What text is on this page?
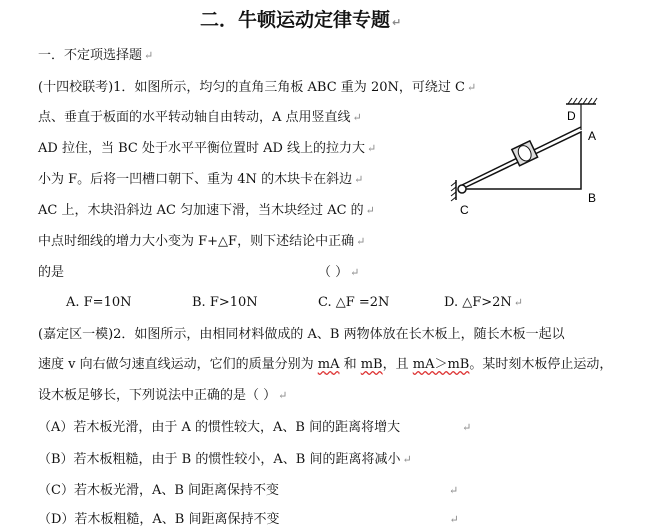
二．牛顿运动定律专题 ↵
一．不定项选择题 ↵
(十四校联考)1．如图所示，均匀的直角三角板 ABC 重为 20N，可绕过 C ↵
点、垂直于板面的水平转动轴自由转动，A 点用竖直线 ↵
AD 拉住，当 BC 处于水平平衡位置时 AD 线上的拉力大 ↵
小为 F。后将一凹槽口朝下、重为 4N 的木块卡在斜边 ↵
AC 上，木块沿斜边 AC 匀加速下滑，当木块经过 AC 的 ↵
中点时细线的增力大小变为 F+△F，则下述结论中正确 ↵
的是	（ ） ↵
A. F=10N	B. F>10N	C. △F =2N	D. △F>2N ↵
D
A
B
C
(嘉定区一模)2．如图所示，由相同材料做成的 A、B 两物体放在长木板上，随长木板一起以
速度 v 向右做匀速直线运动，它们的质量分别为 mA 和 mB，且 mA＞mB。某时刻木板停止运动，
设木板足够长，下列说法中正确的是（ ） ↵
（A）若木板光滑，由于 A 的惯性较大，A、B 间的距离将增大	↵
（B）若木板粗糙，由于 B 的惯性较小，A、B 间的距离将减小 ↵
（C）若木板光滑，A、B 间距离保持不变	↵
（D）若木板粗糙，A、B 间距离保持不变	↵
